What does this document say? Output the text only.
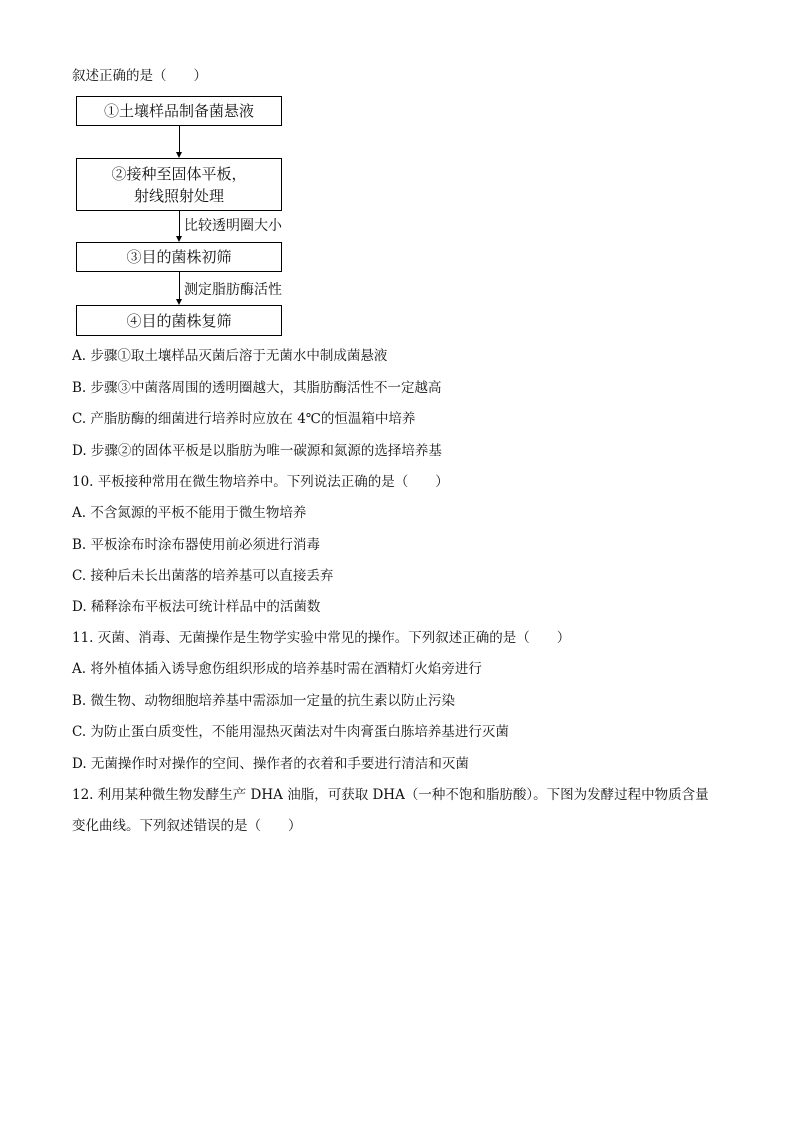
叙述正确的是（　　）
①土壤样品制备菌悬液
②接种至固体平板，
射线照射处理
比较透明圈大小
③目的菌株初筛
测定脂肪酶活性
④目的菌株复筛
A. 步骤①取土壤样品灭菌后溶于无菌水中制成菌悬液
B. 步骤③中菌落周围的透明圈越大，其脂肪酶活性不一定越高
C. 产脂肪酶的细菌进行培养时应放在 4℃的恒温箱中培养
D. 步骤②的固体平板是以脂肪为唯一碳源和氮源的选择培养基
10. 平板接种常用在微生物培养中。下列说法正确的是（　　）
A. 不含氮源的平板不能用于微生物培养
B. 平板涂布时涂布器使用前必须进行消毒
C. 接种后未长出菌落的培养基可以直接丢弃
D. 稀释涂布平板法可统计样品中的活菌数
11. 灭菌、消毒、无菌操作是生物学实验中常见的操作。下列叙述正确的是（　　）
A. 将外植体插入诱导愈伤组织形成的培养基时需在酒精灯火焰旁进行
B. 微生物、动物细胞培养基中需添加一定量的抗生素以防止污染
C. 为防止蛋白质变性，不能用湿热灭菌法对牛肉膏蛋白胨培养基进行灭菌
D. 无菌操作时对操作的空间、操作者的衣着和手要进行清洁和灭菌
12. 利用某种微生物发酵生产 DHA 油脂，可获取 DHA（一种不饱和脂肪酸）。下图为发酵过程中物质含量
变化曲线。下列叙述错误的是（　　）
